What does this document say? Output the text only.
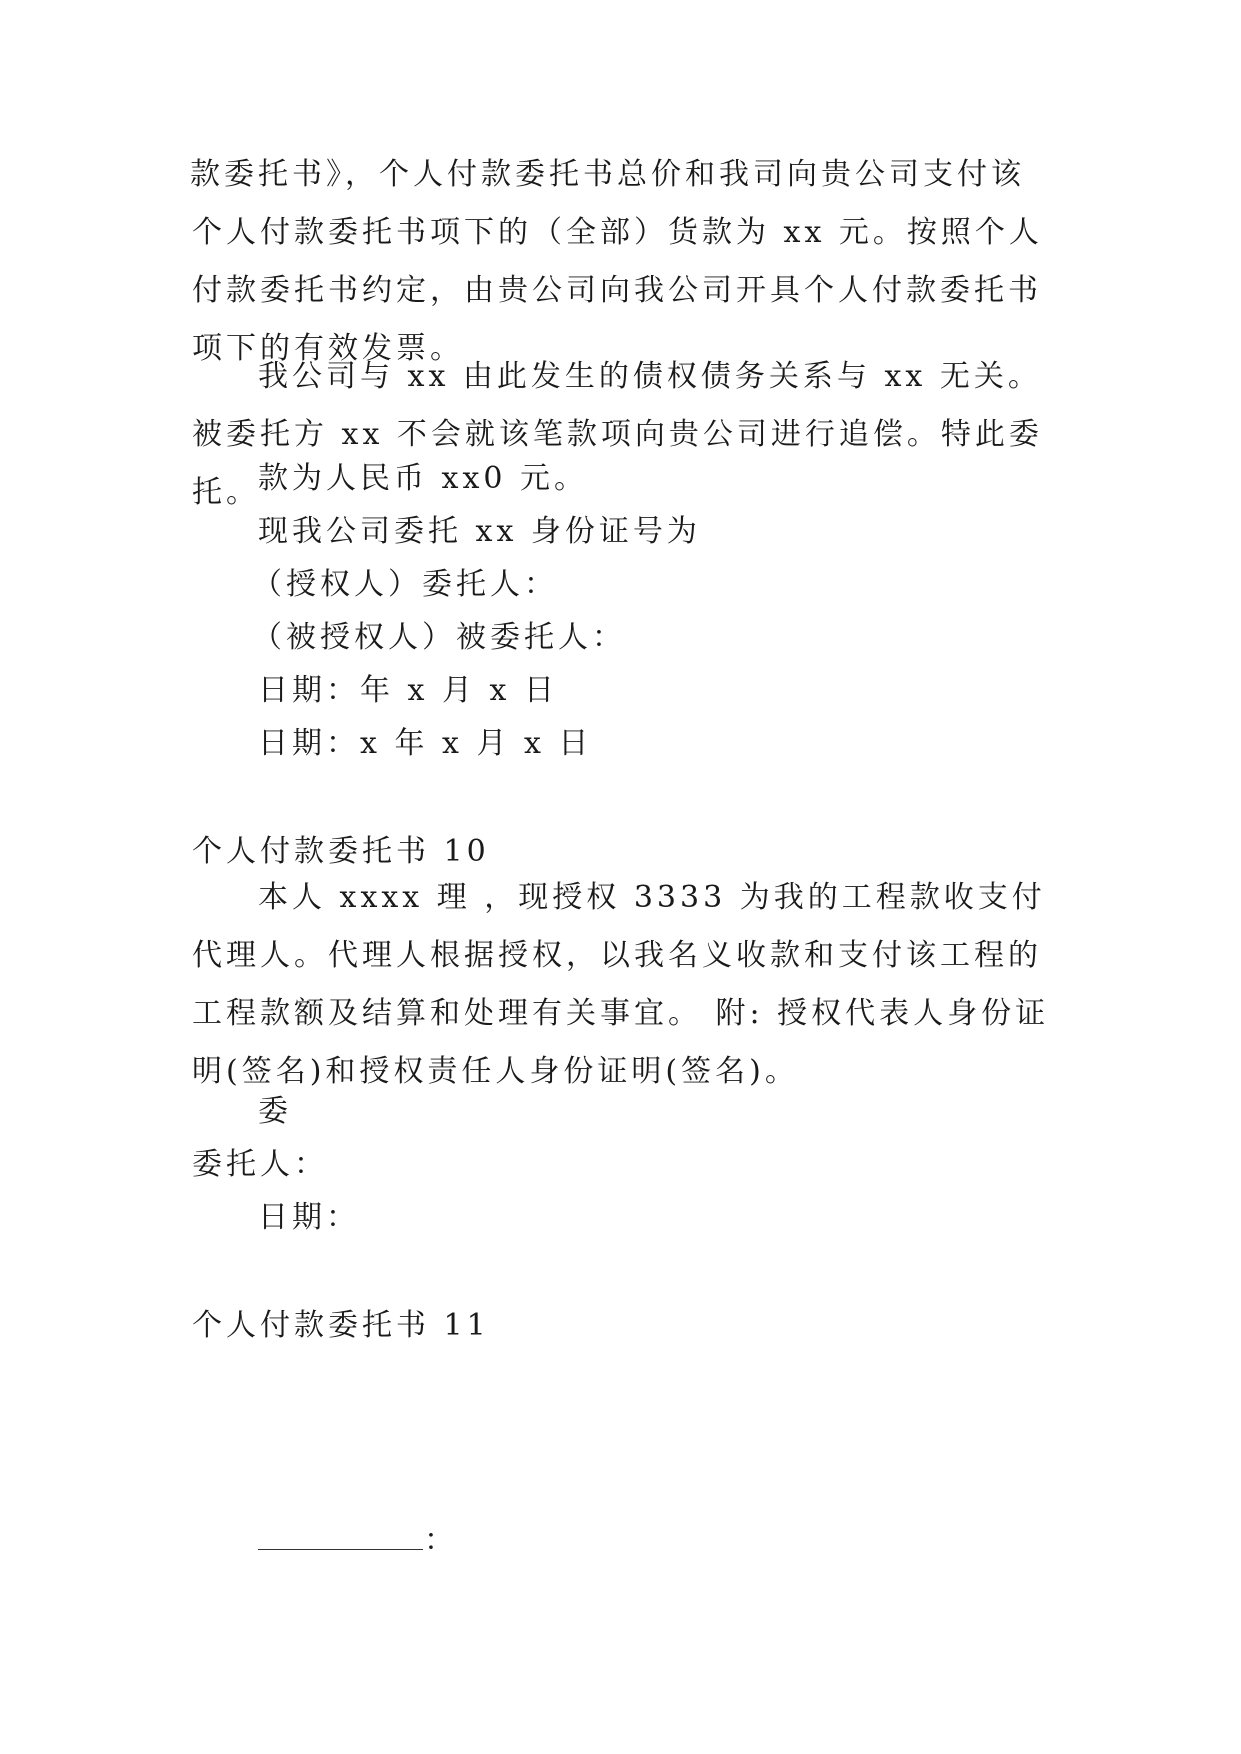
款委托书》，个人付款委托书总价和我司向贵公司支付该个人付款委托书项下的（全部）货款为 xx 元。按照个人付款委托书约定，由贵公司向我公司开具个人付款委托书项下的有效发票。
我公司与 xx 由此发生的债权债务关系与 xx 无关。被委托方 xx 不会就该笔款项向贵公司进行追偿。特此委托。
款为人民币 xx0 元。
现我公司委托 xx 身份证号为
（授权人）委托人：
（被授权人）被委托人：
日期：年 x 月 x 日
日期：x 年 x 月 x 日
个人付款委托书 10
本人 xxxx 理 ，现授权 3333 为我的工程款收支付代理人。代理人根据授权，以我名义收款和支付该工程的工程款额及结算和处理有关事宜。 附: 授权代表人身份证明(签名)和授权责任人身份证明(签名)。
委
委托人：
日期：
个人付款委托书 11
：
